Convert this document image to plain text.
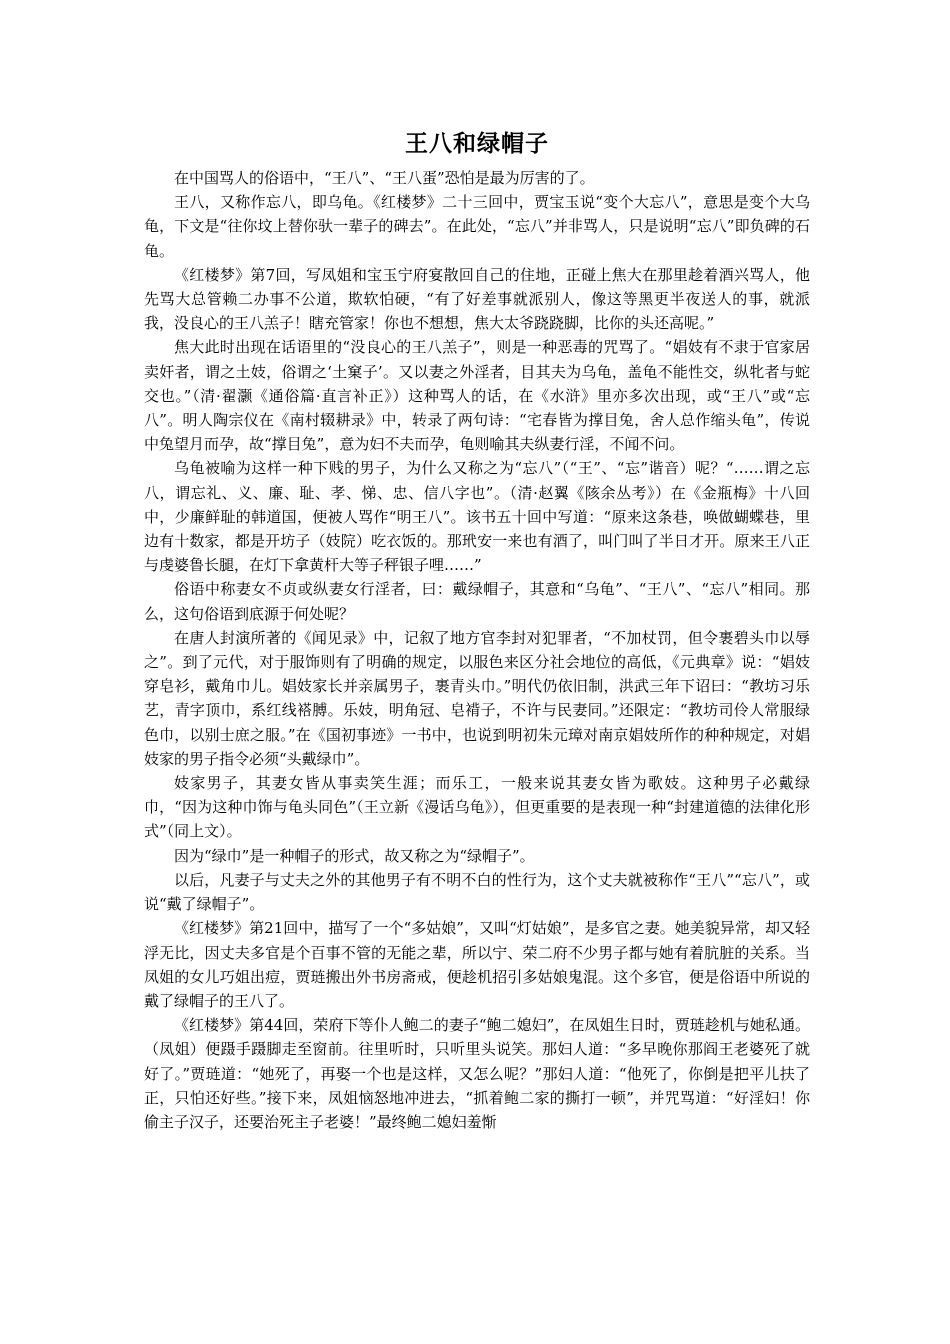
王八和绿帽子

在中国骂人的俗语中，“王八”、“王八蛋”恐怕是最为厉害的了。

王八，又称作忘八，即乌龟。《红楼梦》二十三回中，贾宝玉说“变个大忘八”，意思是变个大乌龟，下文是“往你坟上替你驮一辈子的碑去”。在此处，“忘八”并非骂人，只是说明“忘八”即负碑的石龟。

《红楼梦》第7回，写凤姐和宝玉宁府宴散回自己的住地，正碰上焦大在那里趁着酒兴骂人，他先骂大总管赖二办事不公道，欺软怕硬，“有了好差事就派别人，像这等黑更半夜送人的事，就派我，没良心的王八羔子！瞎充管家！你也不想想，焦大太爷跷跷脚，比你的头还高呢。”

焦大此时出现在话语里的“没良心的王八羔子”，则是一种恶毒的咒骂了。“娼妓有不隶于官家居卖奸者，谓之土妓，俗谓之‘土窠子’。又以妻之外淫者，目其夫为乌龟，盖龟不能性交，纵牝者与蛇交也。”（清·翟灏《通俗篇·直言补正》）这种骂人的话，在《水浒》里亦多次出现，或“王八”或“忘八”。明人陶宗仪在《南村辍耕录》中，转录了两句诗：“宅春皆为撑目兔，舍人总作缩头龟”，传说中兔望月而孕，故“撑目兔”，意为妇不夫而孕，龟则喻其夫纵妻行淫，不闻不问。

乌龟被喻为这样一种下贱的男子，为什么又称之为“忘八”（“王”、“忘”谐音）呢？“……谓之忘八，谓忘礼、义、廉、耻、孝、悌、忠、信八字也”。（清·赵翼《陔余丛考》）在《金瓶梅》十八回中，少廉鲜耻的韩道国，便被人骂作“明王八”。该书五十回中写道：“原来这条巷，唤做蝴蝶巷，里边有十数家，都是开坊子（妓院）吃衣饭的。那玳安一来也有酒了，叫门叫了半日才开。原来王八正与虔婆鲁长腿，在灯下拿黄杆大等子秤银子哩……”

俗语中称妻女不贞或纵妻女行淫者，曰：戴绿帽子，其意和“乌龟”、“王八”、“忘八”相同。那么，这句俗语到底源于何处呢？

在唐人封演所著的《闻见录》中，记叙了地方官李封对犯罪者，“不加杖罚，但令裹碧头巾以辱之”。到了元代，对于服饰则有了明确的规定，以服色来区分社会地位的高低，《元典章》说：“娼妓穿皂衫，戴角巾儿。娼妓家长并亲属男子，裹青头巾。”明代仍依旧制，洪武三年下诏曰：“教坊习乐艺，青字顶巾，系红线褡膊。乐妓，明角冠、皂褙子，不许与民妻同。”还限定：“教坊司伶人常服绿色巾，以别士庶之服。”在《国初事迹》一书中，也说到明初朱元璋对南京娼妓所作的种种规定，对娼妓家的男子指令必须“头戴绿巾”。

妓家男子，其妻女皆从事卖笑生涯；而乐工，一般来说其妻女皆为歌妓。这种男子必戴绿巾，“因为这种巾饰与龟头同色”（王立新《漫话乌龟》），但更重要的是表现一种“封建道德的法律化形式”（同上文）。

因为“绿巾”是一种帽子的形式，故又称之为“绿帽子”。

以后，凡妻子与丈夫之外的其他男子有不明不白的性行为，这个丈夫就被称作“王八”“忘八”，或说“戴了绿帽子”。

《红楼梦》第21回中，描写了一个“多姑娘”，又叫“灯姑娘”，是多官之妻。她美貌异常，却又轻浮无比，因丈夫多官是个百事不管的无能之辈，所以宁、荣二府不少男子都与她有着肮脏的关系。当凤姐的女儿巧姐出痘，贾琏搬出外书房斋戒，便趁机招引多姑娘鬼混。这个多官，便是俗语中所说的戴了绿帽子的王八了。

《红楼梦》第44回，荣府下等仆人鲍二的妻子“鲍二媳妇”，在凤姐生日时，贾琏趁机与她私通。（凤姐）便蹑手蹑脚走至窗前。往里听时，只听里头说笑。那妇人道：“多早晚你那阎王老婆死了就好了。”贾琏道：“她死了，再娶一个也是这样，又怎么呢？”那妇人道：“他死了，你倒是把平儿扶了正，只怕还好些。”接下来，凤姐恼怒地冲进去，“抓着鲍二家的撕打一顿”，并咒骂道：“好淫妇！你偷主子汉子，还要治死主子老婆！”最终鲍二媳妇羞惭
